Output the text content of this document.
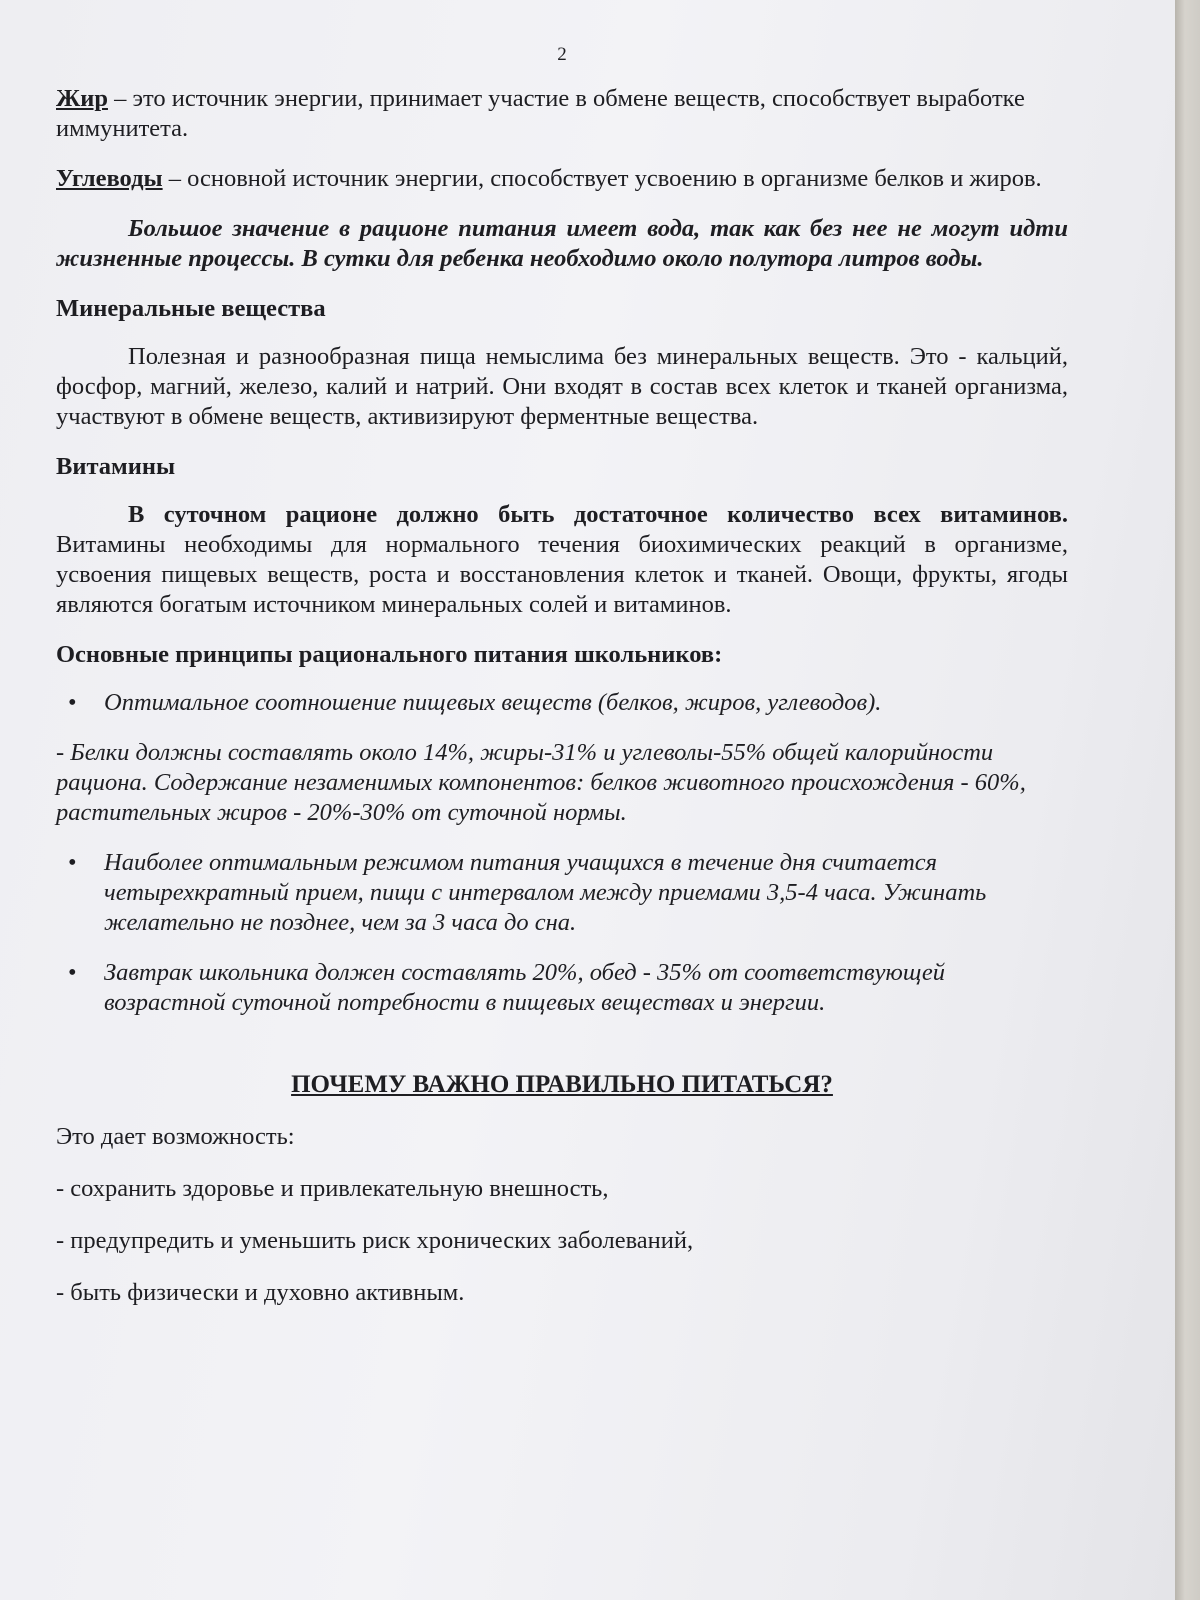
2

Жир – это источник энергии, принимает участие в обмене веществ, способствует выработке иммунитета.

Углеводы – основной источник энергии, способствует усвоению в организме белков и жиров.

Большое значение в рационе питания имеет вода, так как без нее не могут идти жизненные процессы. В сутки для ребенка необходимо около полутора литров воды.

Минеральные вещества

Полезная и разнообразная пища немыслима без минеральных веществ. Это - кальций, фосфор, магний, железо, калий и натрий. Они входят в состав всех клеток и тканей организма, участвуют в обмене веществ, активизируют ферментные вещества.

Витамины

В суточном рационе должно быть достаточное количество всех витаминов. Витамины необходимы для нормального течения биохимических реакций в организме, усвоения пищевых веществ, роста и восстановления клеток и тканей. Овощи, фрукты, ягоды являются богатым источником минеральных солей и витаминов.

Основные принципы рационального питания школьников:
• Оптимальное соотношение пищевых веществ (белков, жиров, углеводов).

- Белки должны составлять около 14%, жиры-31% и углеволы-55% общей калорийности рациона. Содержание незаменимых компонентов: белков животного происхождения - 60%, растительных жиров - 20%-30% от суточной нормы.

• Наиболее оптимальным режимом питания учащихся в течение дня считается четырехкратный прием, пищи с интервалом между приемами 3,5-4 часа. Ужинать желательно не позднее, чем за 3 часа до сна.
• Завтрак школьника должен составлять 20%, обед - 35% от соответствующей возрастной суточной потребности в пищевых веществах и энергии.
ПОЧЕМУ ВАЖНО ПРАВИЛЬНО ПИТАТЬСЯ?

Это дает возможность:

- сохранить здоровье и привлекательную внешность,

- предупредить и уменьшить риск хронических заболеваний,

- быть физически и духовно активным.
